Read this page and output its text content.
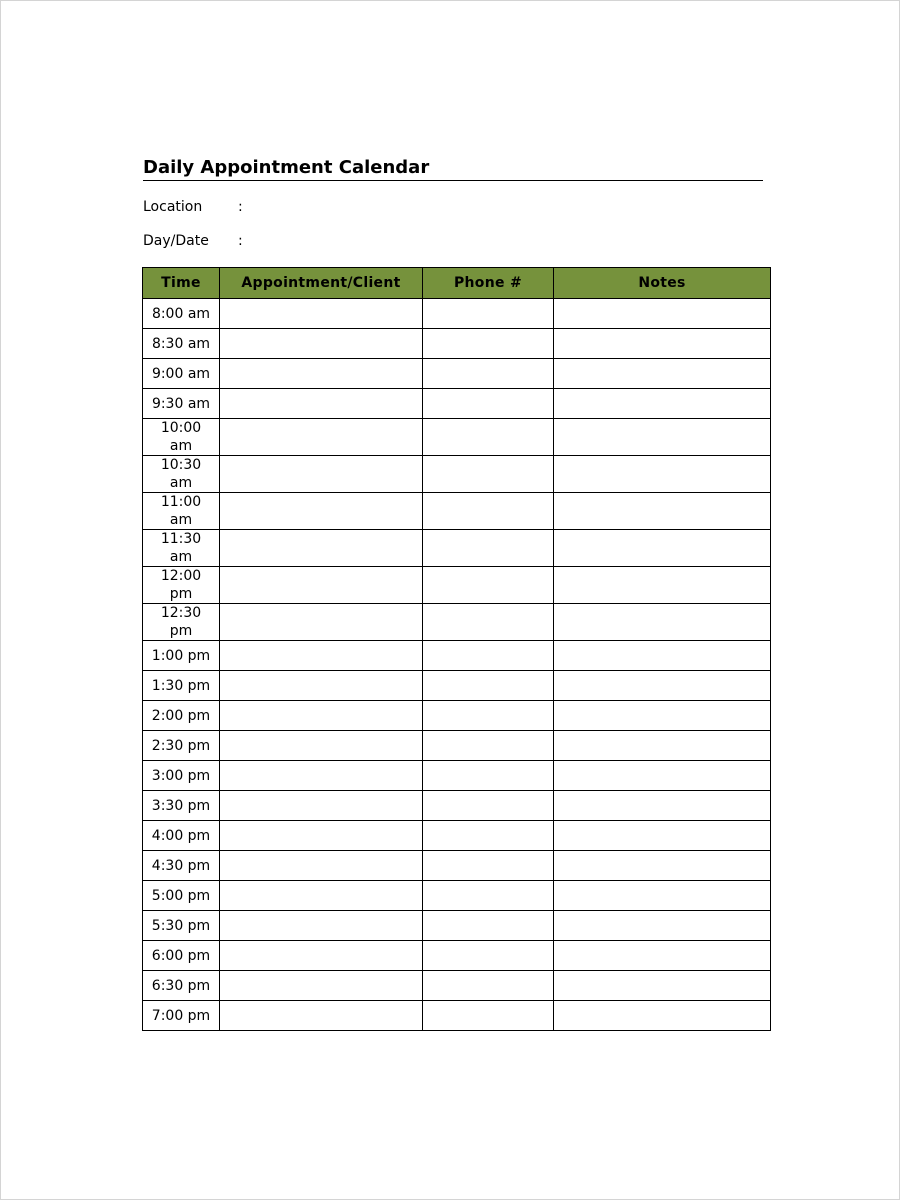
Daily Appointment Calendar
Location	:
Day/Date :
Time	Appointment/Client	Phone #	Notes
8:00 am			
8:30 am			
9:00 am			
9:30 am			
10:00 am			
10:30 am			
11:00 am			
11:30 am			
12:00 pm			
12:30 pm			
1:00 pm			
1:30 pm			
2:00 pm			
2:30 pm			
3:00 pm			
3:30 pm			
4:00 pm			
4:30 pm			
5:00 pm			
5:30 pm			
6:00 pm			
6:30 pm			
7:00 pm			
